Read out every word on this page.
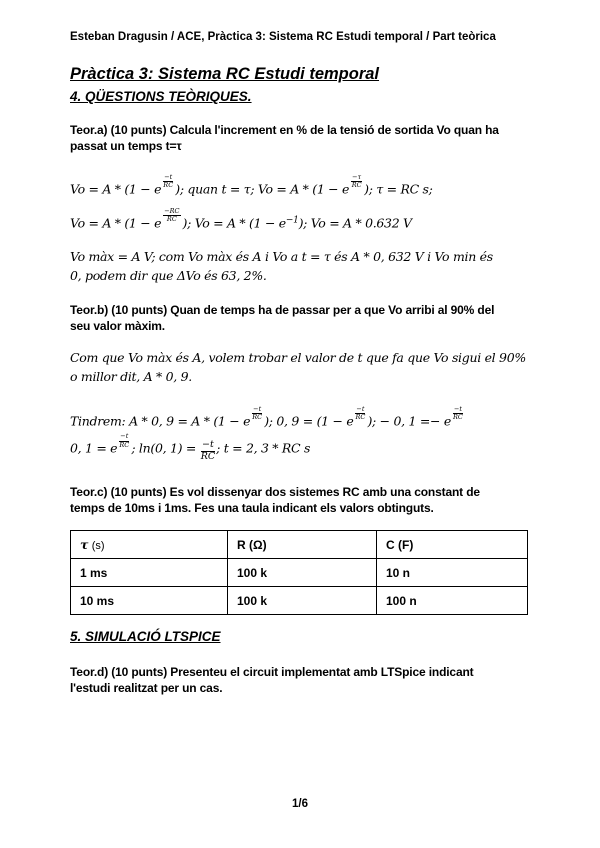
Esteban Dragusin / ACE, Pràctica 3: Sistema RC Estudi temporal / Part teòrica
Pràctica 3: Sistema RC Estudi temporal
4. QÜESTIONS TEÒRIQUES.
Teor.a) (10 punts) Calcula l'increment en % de la tensió de sortida Vo quan ha
passat un temps t=τ
Vo = A * (1 − e $\frac{-t}{RC}$ ); quan t = τ; Vo = A * (1 − e $\frac{-\tau}{RC}$ ); τ = RC s;
Vo = A * (1 − e $\frac{-RC}{RC}$ ); $Vo = A * (1 - e^{-1})$; Vo = A * 0.632 V
Vo màx = A V; com Vo màx és A i Vo a t = τ és A * 0, 632 V i Vo min és
0, podem dir que ΔVo és 63, 2%.
Teor.b) (10 punts) Quan de temps ha de passar per a que Vo arribi al 90% del
seu valor màxim.
Com que Vo màx és A, volem trobar el valor de t que fa que Vo sigui el 90%
o millor dit, A * 0, 9.
Tindrem: A * 0, 9 = A * (1 − e $\frac{-t}{RC}$ ); 0, 9 = (1 − e $\frac{-t}{RC}$ ); − 0, 1 =− e $\frac{-t}{RC}$
0, 1 = e $\frac{-t}{RC}$ ; ln(0, $1) = \frac{-t}{RC}$ ; t = 2, 3 * RC s
Teor.c) (10 punts) Es vol dissenyar dos sistemes RC amb una constant de
temps de 10ms i 1ms. Fes una taula indicant els valors obtinguts.
τ (s)	R (Ω)	C (F)
1 ms	100 k	10 n
10 ms	100 k	100 n
5. SIMULACIÓ LTSPICE
Teor.d) (10 punts) Presenteu el circuit implementat amb LTSpice indicant
l'estudi realitzat per un cas.
1/6
